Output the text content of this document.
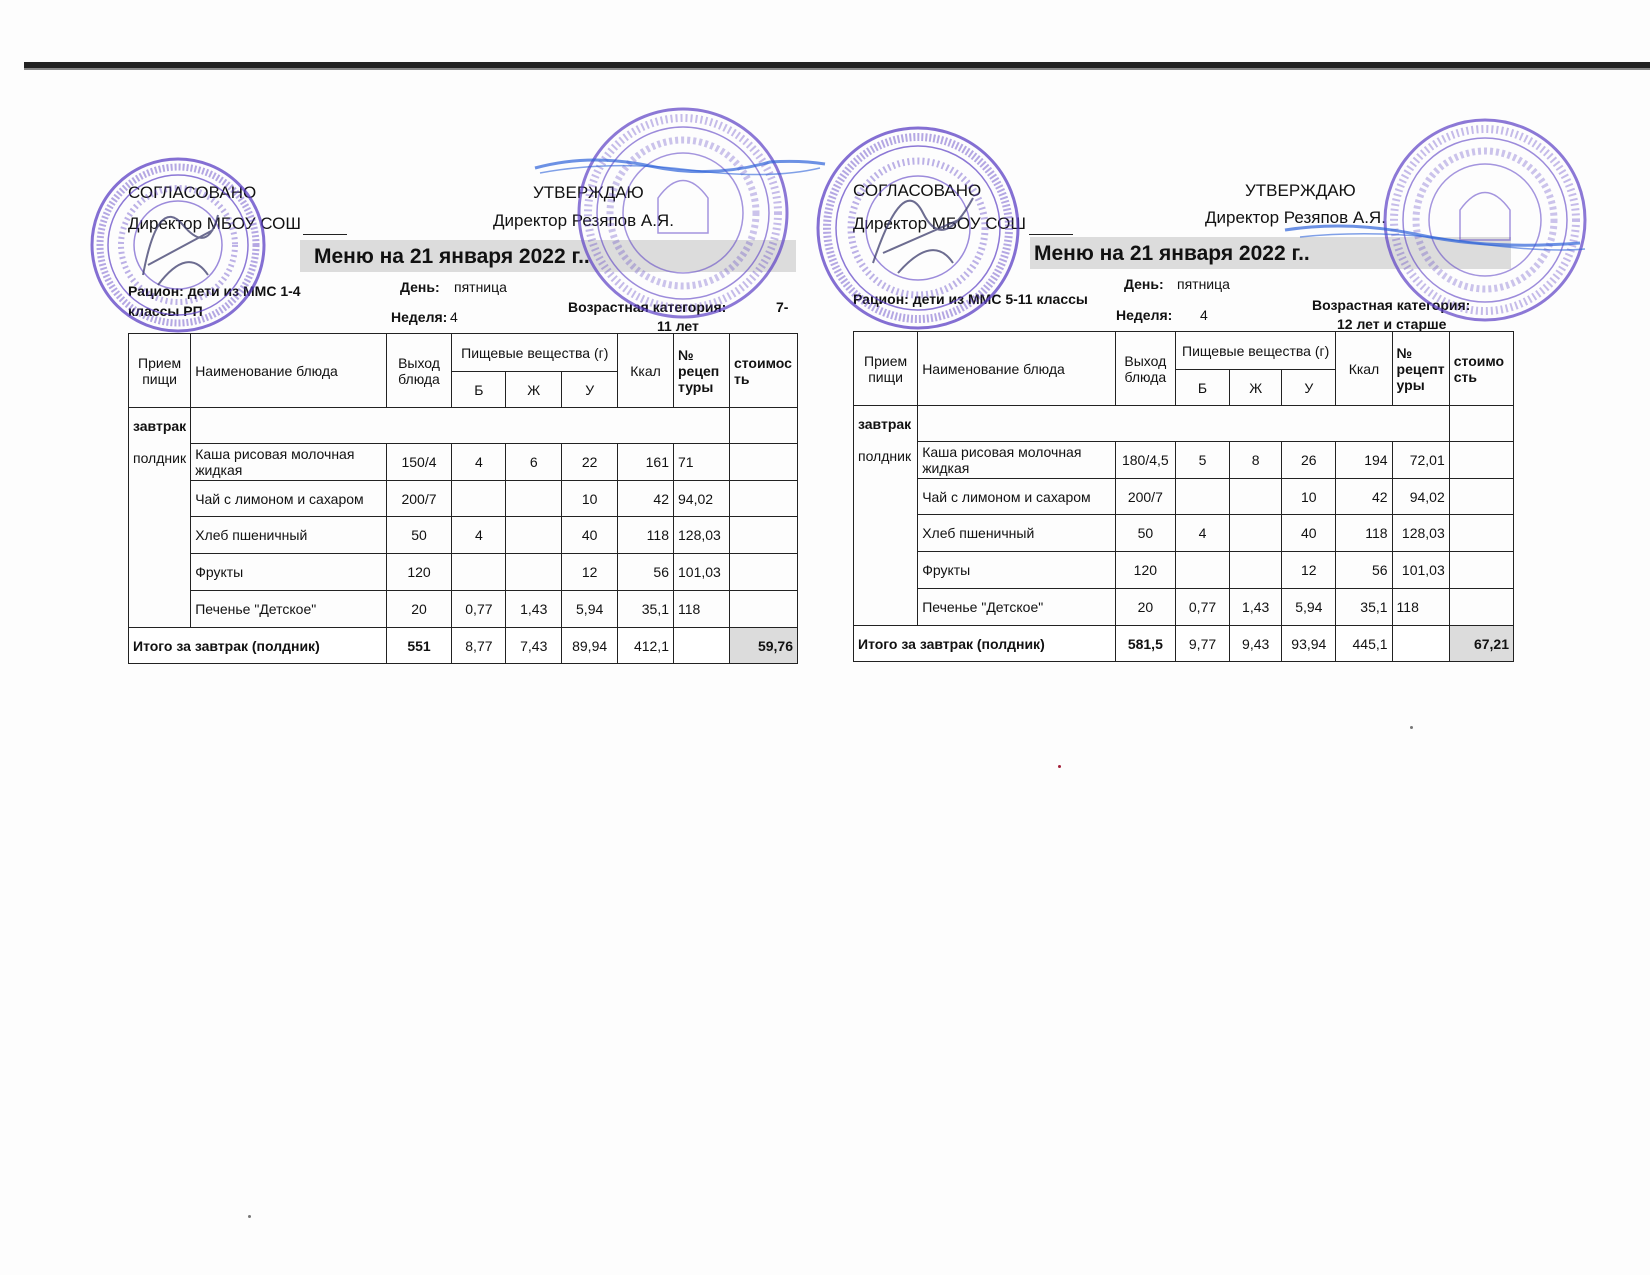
СОГЛАСОВАНО
Директор МБОУ СОШ
УТВЕРЖДАЮ
Директор Резяпов А.Я.
Меню на 21 января 2022 г..
Рацион: дети из ММС 1-4
классы РП
День: пятница
Неделя: 4
Возрастная категория:	7-
11 лет
Прием пищи	Наименование блюда	Выход блюда	Пищевые вещества (г)			Ккал	№ рецеп туры	стоимос ть
			Б	Ж	У			

завтрак
полдник								

	Каша рисовая молочная жидкая	150/4	4	6	22	161	71	
	Чай с лимоном и сахаром	200/7			10	42	94,02	
	Хлеб пшеничный	50	4		40	118	128,03	
	Фрукты	120			12	56	101,03	
	Печенье "Детское"	20	0,77	1,43	5,94	35,1	118	
Итого за завтрак (полдник)		551	8,77	7,43	89,94	412,1		59,76
СОГЛАСОВАНО
Директор МБОУ СОШ
УТВЕРЖДАЮ
Директор Резяпов А.Я.
Меню на 21 января 2022 г..
Рацион: дети из ММС 5-11 классы
День: пятница
Неделя: 4
Возрастная категория:
12 лет и старше
Прием пищи	Наименование блюда	Выход блюда	Пищевые вещества (г)			Ккал	№ рецепт уры	стоимо сть
			Б	Ж	У			

завтрак
полдник								

	Каша рисовая молочная жидкая	180/4,5	5	8	26	194	72,01	
	Чай с лимоном и сахаром	200/7			10	42	94,02	
	Хлеб пшеничный	50	4		40	118	128,03	
	Фрукты	120			12	56	101,03	
	Печенье "Детское"	20	0,77	1,43	5,94	35,1	118	
Итого за завтрак (полдник)		581,5	9,77	9,43	93,94	445,1		67,21
